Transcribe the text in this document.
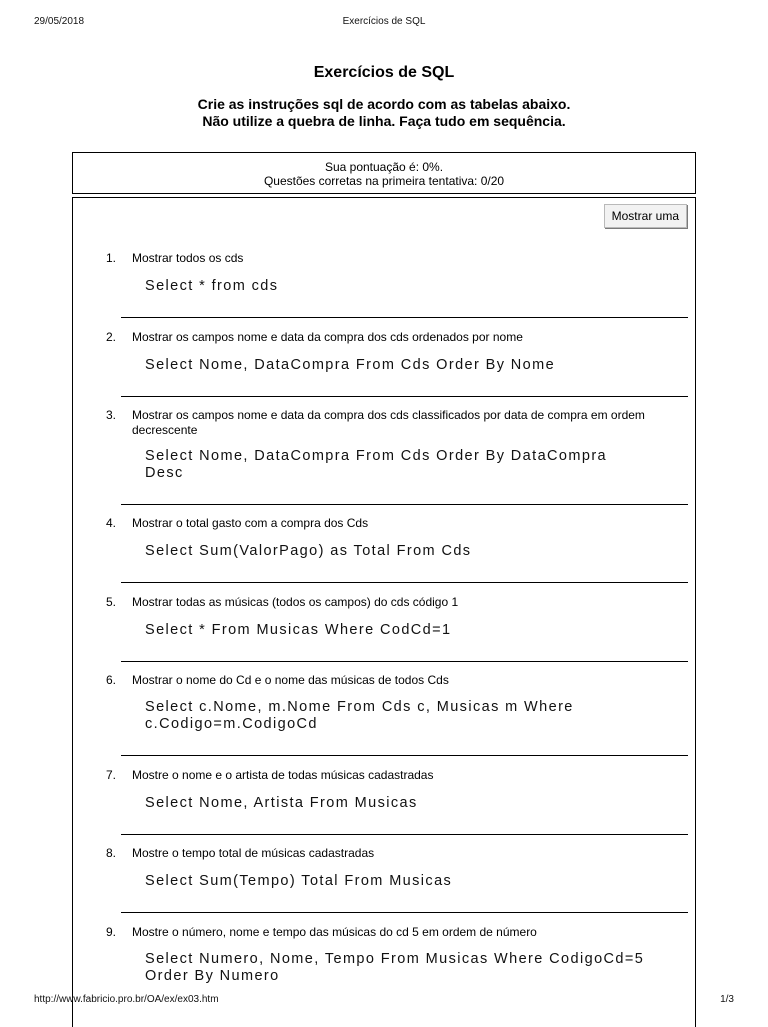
29/05/2018	Exercícios de SQL
Exercícios de SQL
Crie as instruções sql de acordo com as tabelas abaixo.
Não utilize a quebra de linha. Faça tudo em sequência.
Sua pontuação é: 0%.
Questões corretas na primeira tentativa: 0/20
Mostrar uma
1. Mostrar todos os cds
Select * from cds
2. Mostrar os campos nome e data da compra dos cds ordenados por nome
Select Nome, DataCompra From Cds Order By Nome
3. Mostrar os campos nome e data da compra dos cds classificados por data de compra em ordem decrescente
Select Nome, DataCompra From Cds Order By DataCompra Desc
4. Mostrar o total gasto com a compra dos Cds
Select Sum(ValorPago) as Total From Cds
5. Mostrar todas as músicas (todos os campos) do cds código 1
Select * From Musicas Where CodCd=1
6. Mostrar o nome do Cd e o nome das músicas de todos Cds
Select c.Nome, m.Nome From Cds c, Musicas m Where c.Codigo=m.CodigoCd
7. Mostre o nome e o artista de todas músicas cadastradas
Select Nome, Artista From Musicas
8. Mostre o tempo total de músicas cadastradas
Select Sum(Tempo) Total From Musicas
9. Mostre o número, nome e tempo das músicas do cd 5 em ordem de número
Select Numero, Nome, Tempo From Musicas Where CodigoCd=5 Order By Numero
http://www.fabricio.pro.br/OA/ex/ex03.htm	1/3
